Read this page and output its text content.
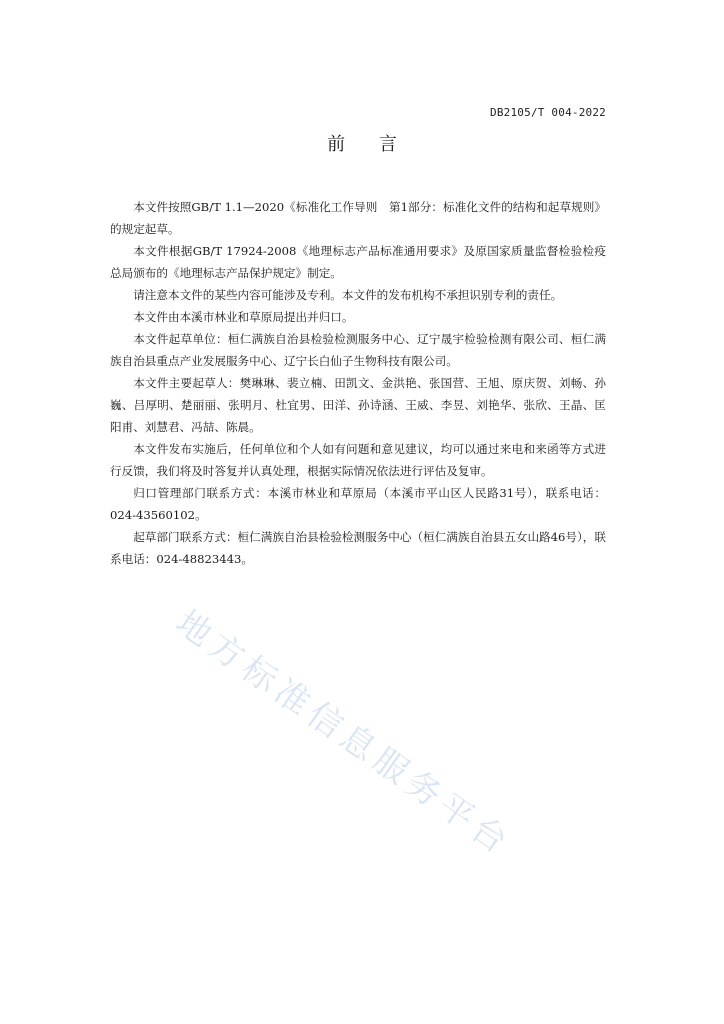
DB2105/T 004-2022
前 言

本文件按照GB/T 1.1—2020《标准化工作导则　第1部分：标准化文件的结构和起草规则》的规定起草。

本文件根据GB/T 17924-2008《地理标志产品标准通用要求》及原国家质量监督检验检疫总局颁布的《地理标志产品保护规定》制定。

请注意本文件的某些内容可能涉及专利。本文件的发布机构不承担识别专利的责任。

本文件由本溪市林业和草原局提出并归口。

本文件起草单位：桓仁满族自治县检验检测服务中心、辽宁晟宇检验检测有限公司、桓仁满族自治县重点产业发展服务中心、辽宁长白仙子生物科技有限公司。

本文件主要起草人：樊琳琳、裴立楠、田凯文、金洪艳、张国营、王旭、原庆贺、刘畅、孙巍、吕厚明、楚丽丽、张明月、杜宜男、田洋、孙诗涵、王威、李昱、刘艳华、张欣、王晶、匡阳甫、刘慧君、冯喆、陈晨。

本文件发布实施后，任何单位和个人如有问题和意见建议，均可以通过来电和来函等方式进行反馈，我们将及时答复并认真处理，根据实际情况依法进行评估及复审。

归口管理部门联系方式：本溪市林业和草原局（本溪市平山区人民路31号），联系电话：024-43560102。

起草部门联系方式：桓仁满族自治县检验检测服务中心（桓仁满族自治县五女山路46号），联系电话：024-48823443。

地方标准信息服务平台
